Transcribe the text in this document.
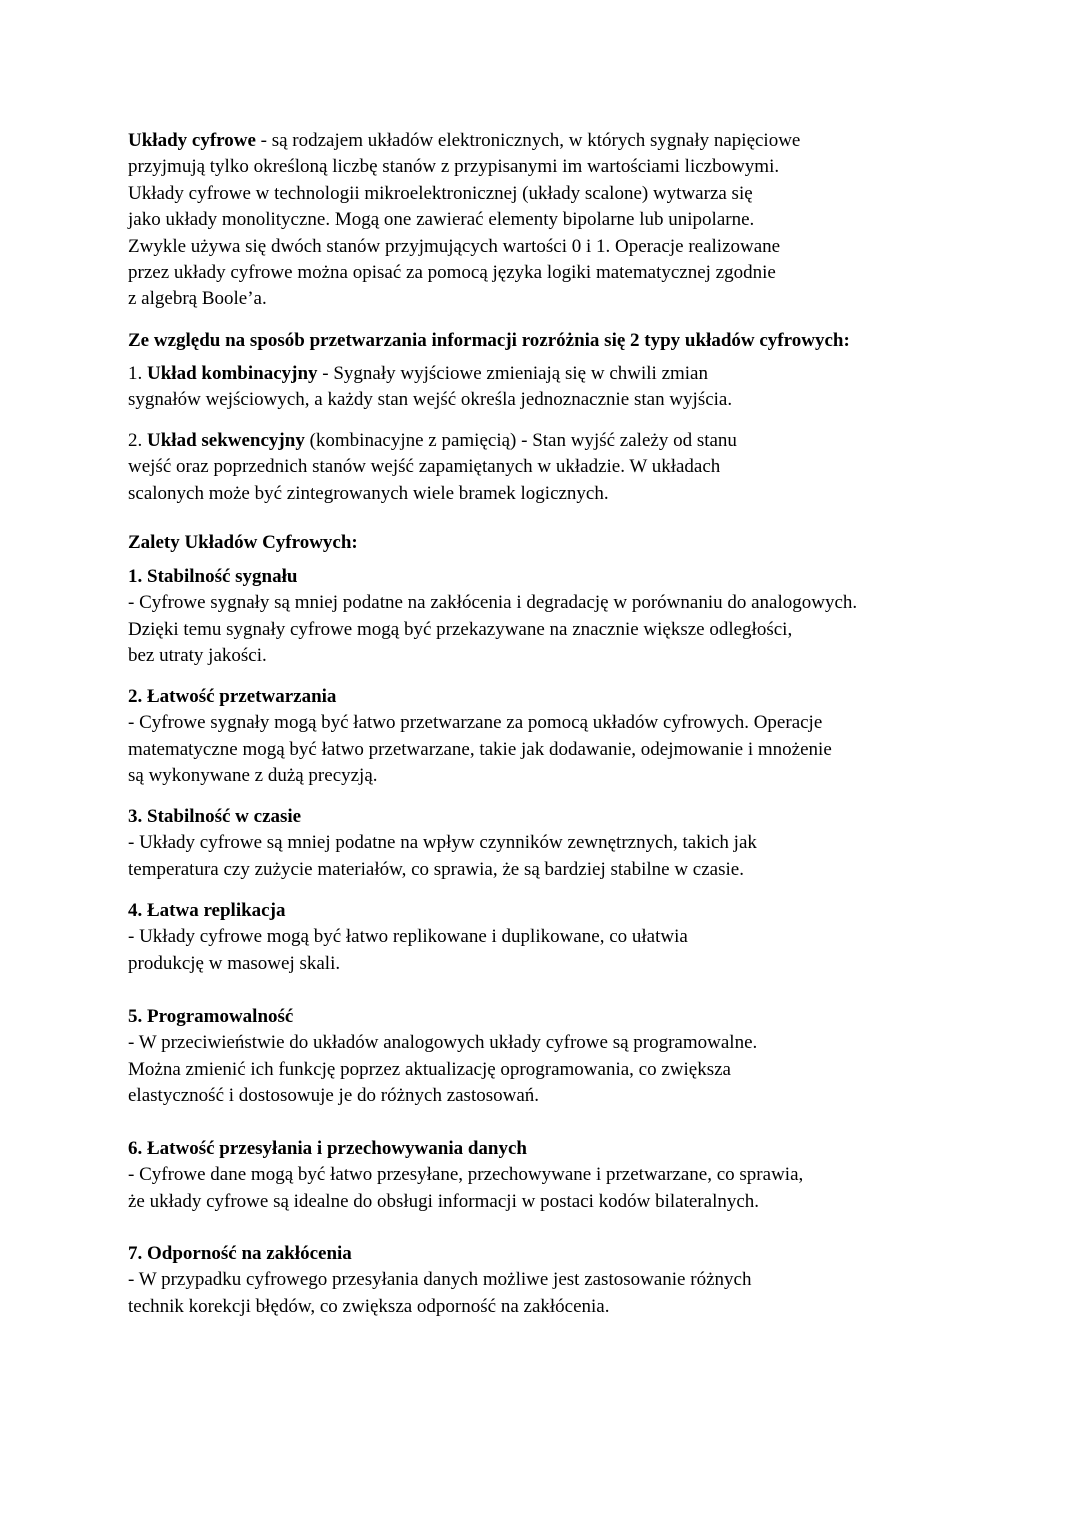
Układy cyfrowe - są rodzajem układów elektronicznych, w których sygnały napięciowe
przyjmują tylko określoną liczbę stanów z przypisanymi im wartościami liczbowymi.
Układy cyfrowe w technologii mikroelektronicznej (układy scalone) wytwarza się
jako układy monolityczne. Mogą one zawierać elementy bipolarne lub unipolarne.
Zwykle używa się dwóch stanów przyjmujących wartości 0 i 1. Operacje realizowane
przez układy cyfrowe można opisać za pomocą języka logiki matematycznej zgodnie
z algebrą Boole’a.
Ze względu na sposób przetwarzania informacji rozróżnia się 2 typy układów cyfrowych:
1. Układ kombinacyjny - Sygnały wyjściowe zmieniają się w chwili zmian
sygnałów wejściowych, a każdy stan wejść określa jednoznacznie stan wyjścia.
2. Układ sekwencyjny (kombinacyjne z pamięcią) - Stan wyjść zależy od stanu
wejść oraz poprzednich stanów wejść zapamiętanych w układzie. W układach
scalonych może być zintegrowanych wiele bramek logicznych.
Zalety Układów Cyfrowych:
1. Stabilność sygnału
- Cyfrowe sygnały są mniej podatne na zakłócenia i degradację w porównaniu do analogowych.
Dzięki temu sygnały cyfrowe mogą być przekazywane na znacznie większe odległości,
bez utraty jakości.
2. Łatwość przetwarzania
- Cyfrowe sygnały mogą być łatwo przetwarzane za pomocą układów cyfrowych. Operacje
matematyczne mogą być łatwo przetwarzane, takie jak dodawanie, odejmowanie i mnożenie
są wykonywane z dużą precyzją.
3. Stabilność w czasie
- Układy cyfrowe są mniej podatne na wpływ czynników zewnętrznych, takich jak
temperatura czy zużycie materiałów, co sprawia, że są bardziej stabilne w czasie.
4. Łatwa replikacja
- Układy cyfrowe mogą być łatwo replikowane i duplikowane, co ułatwia
produkcję w masowej skali.
5. Programowalność
- W przeciwieństwie do układów analogowych układy cyfrowe są programowalne.
Można zmienić ich funkcję poprzez aktualizację oprogramowania, co zwiększa
elastyczność i dostosowuje je do różnych zastosowań.
6. Łatwość przesyłania i przechowywania danych
- Cyfrowe dane mogą być łatwo przesyłane, przechowywane i przetwarzane, co sprawia,
że układy cyfrowe są idealne do obsługi informacji w postaci kodów bilateralnych.
7. Odporność na zakłócenia
- W przypadku cyfrowego przesyłania danych możliwe jest zastosowanie różnych
technik korekcji błędów, co zwiększa odporność na zakłócenia.
